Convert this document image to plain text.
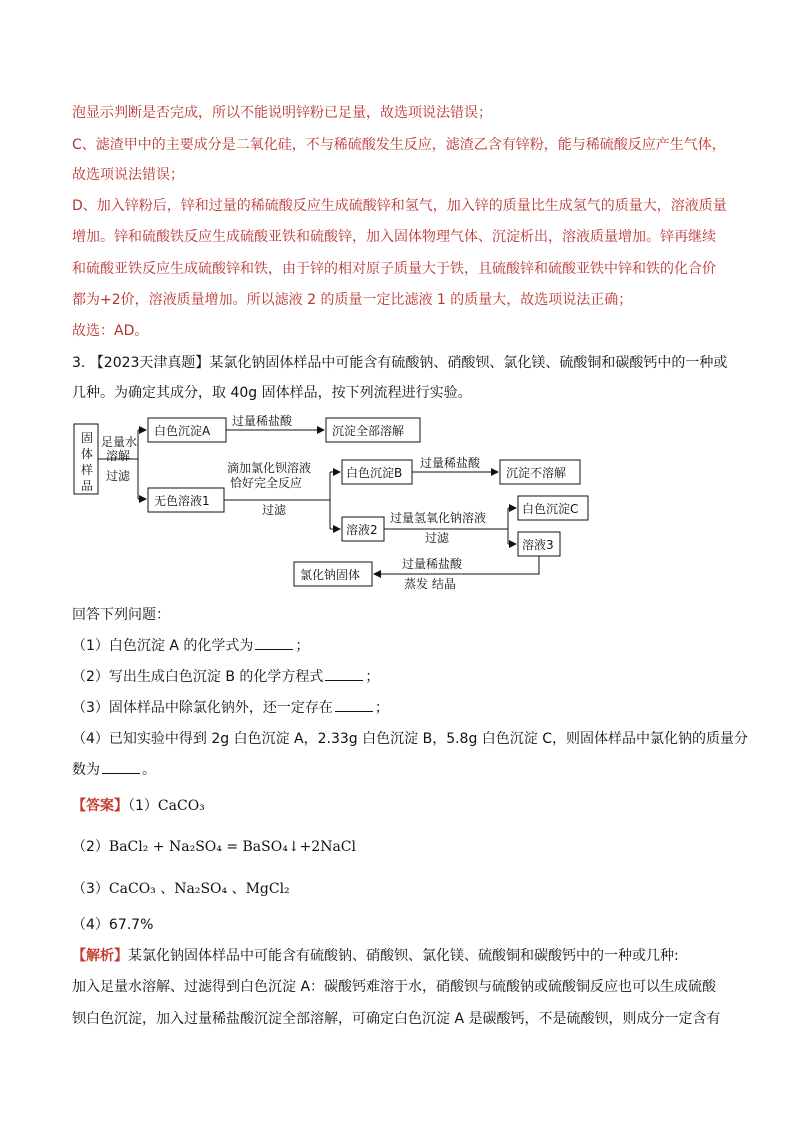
泡显示判断是否完成，所以不能说明锌粉已足量，故选项说法错误；
C、滤渣甲中的主要成分是二氧化硅，不与稀硫酸发生反应，滤渣乙含有锌粉，能与稀硫酸反应产生气体，
故选项说法错误；
D、加入锌粉后，锌和过量的稀硫酸反应生成硫酸锌和氢气，加入锌的质量比生成氢气的质量大，溶液质量
增加。锌和硫酸铁反应生成硫酸亚铁和硫酸锌，加入固体物理气体、沉淀析出，溶液质量增加。锌再继续
和硫酸亚铁反应生成硫酸锌和铁，由于锌的相对原子质量大于铁，且硫酸锌和硫酸亚铁中锌和铁的化合价
都为+2价，溶液质量增加。所以滤液 2 的质量一定比滤液 1 的质量大，故选项说法正确；
故选：AD。
3. 【2023天津真题】某氯化钠固体样品中可能含有硫酸钠、硝酸钡、氯化镁、硫酸铜和碳酸钙中的一种或
几种。为确定其成分，取 40g 固体样品，按下列流程进行实验。
固
体
样
品
足量水
溶解
过滤
白色沉淀A
过量稀盐酸
沉淀全部溶解
无色溶液1
滴加氯化钡溶液
恰好完全反应
过滤
白色沉淀B
过量稀盐酸
沉淀不溶解
溶液2
过量氢氧化钠溶液
过滤
白色沉淀C
溶液3
过量稀盐酸
蒸发 结晶
氯化钠固体
回答下列问题：
（1）白色沉淀 A 的化学式为	；
（2）写出生成白色沉淀 B 的化学方程式	；
（3）固体样品中除氯化钠外，还一定存在	；
（4）已知实验中得到 2g 白色沉淀 A，2.33g 白色沉淀 B，5.8g 白色沉淀 C，则固体样品中氯化钠的质量分
数为	。
【答案】（1）CaCO₃
（2）BaCl₂ + Na₂SO₄ = BaSO₄↓+2NaCl
（3）CaCO₃ 、Na₂SO₄ 、MgCl₂
（4）67.7%
【解析】某氯化钠固体样品中可能含有硫酸钠、硝酸钡、氯化镁、硫酸铜和碳酸钙中的一种或几种:
加入足量水溶解、过滤得到白色沉淀 A：碳酸钙难溶于水，硝酸钡与硫酸钠或硫酸铜反应也可以生成硫酸
钡白色沉淀，加入过量稀盐酸沉淀全部溶解，可确定白色沉淀 A 是碳酸钙，不是硫酸钡，则成分一定含有
